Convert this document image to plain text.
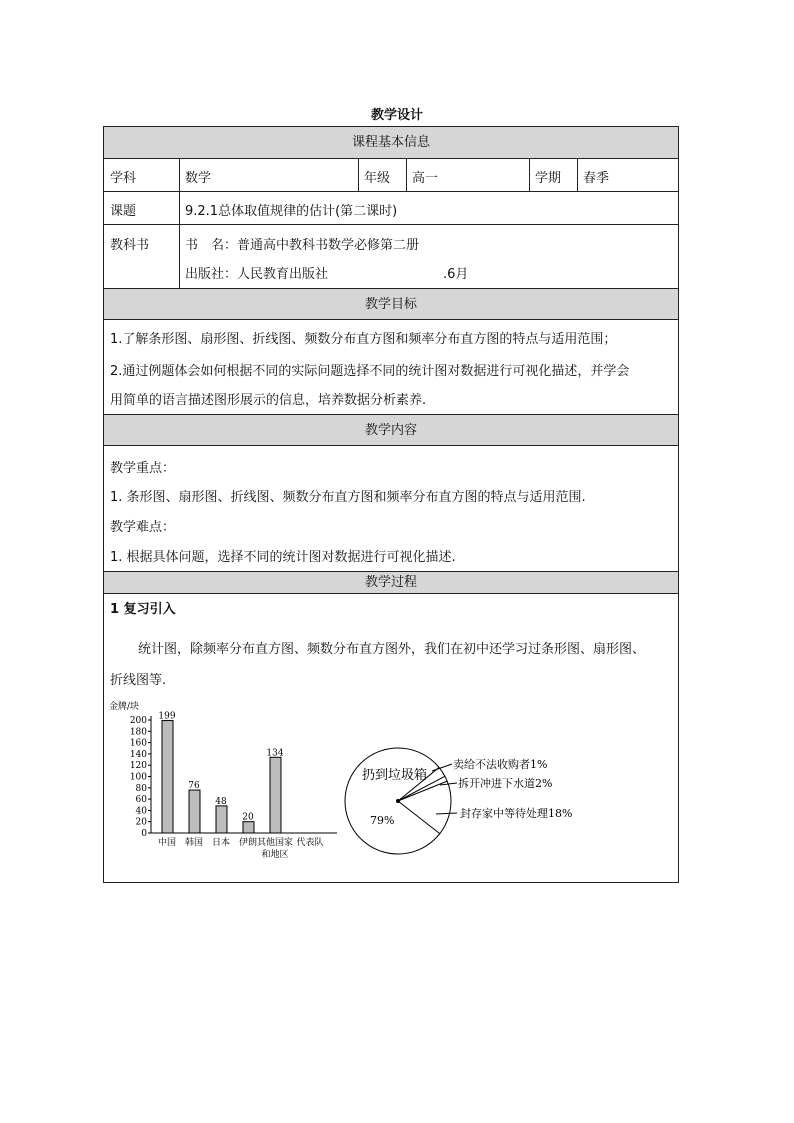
教学设计
课程基本信息
学科	数学	年级 高一	学期 春季
课题	9.2.1总体取值规律的估计(第二课时)
教科书	书　名：普通高中教科书数学必修第二册
出版社：人民教育出版社	.6月
教学目标
1.了解条形图、扇形图、折线图、频数分布直方图和频率分布直方图的特点与适用范围；
2.通过例题体会如何根据不同的实际问题选择不同的统计图对数据进行可视化描述，并学会
用简单的语言描述图形展示的信息，培养数据分析素养.
教学内容
教学重点：
1. 条形图、扇形图、折线图、频数分布直方图和频率分布直方图的特点与适用范围.
教学难点：
1. 根据具体问题，选择不同的统计图对数据进行可视化描述.
教学过程
1 复习引入
统计图，除频率分布直方图、频数分布直方图外，我们在初中还学习过条形图、扇形图、
折线图等.
金牌/块
0
20
40
60
80
100
120
140
160
180
200 199
中国
76
韩国
48
日本
20
伊朗
134
其他国家
和地区
代表队
扔到垃圾箱
79%
卖给不法收购者1%
拆开冲进下水道2%
封存家中等待处理18%
